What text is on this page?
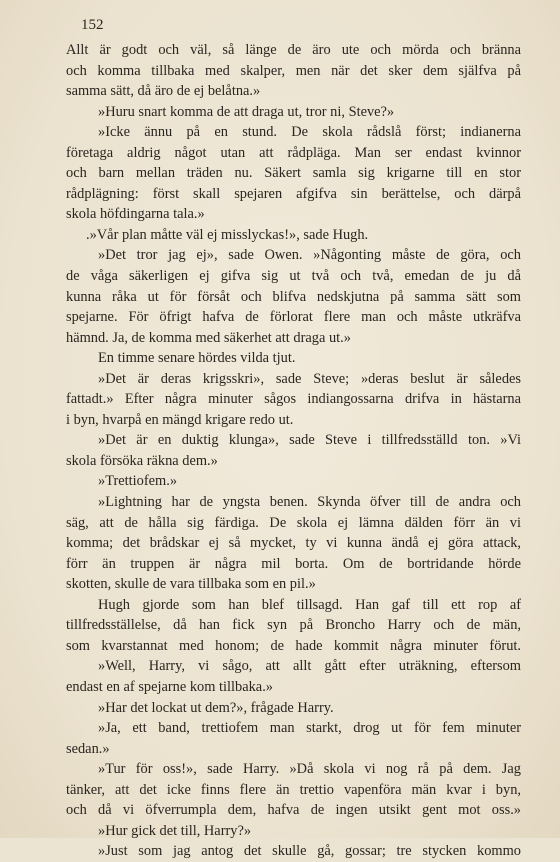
152
Allt är godt och väl, så länge de äro ute och mörda och bränna
och komma tillbaka med skalper, men när det sker dem själfva på
samma sätt, då äro de ej belåtna.»
»Huru snart komma de att draga ut, tror ni, Steve?»
»Icke ännu på en stund. De skola rådslå först; indianerna
företaga aldrig något utan att rådpläga. Man ser endast kvinnor
och barn mellan träden nu. Säkert samla sig krigarne till en stor
rådplägning: först skall spejaren afgifva sin berättelse, och därpå
skola höfdingarna tala.»
.»Vår plan måtte väl ej misslyckas!», sade Hugh.
»Det tror jag ej», sade Owen. »Någonting måste de göra, och
de våga säkerligen ej gifva sig ut två och två, emedan de ju då
kunna råka ut för försåt och blifva nedskjutna på samma sätt som
spejarne. För öfrigt hafva de förlorat flere man och måste utkräfva
hämnd. Ja, de komma med säkerhet att draga ut.»
En timme senare hördes vilda tjut.
»Det är deras krigsskri», sade Steve; »deras beslut är således
fattadt.» Efter några minuter sågos indiangossarna drifva in hästarna
i byn, hvarpå en mängd krigare redo ut.
»Det är en duktig klunga», sade Steve i tillfredsställd ton. »Vi
skola försöka räkna dem.»
»Trettiofem.»
»Lightning har de yngsta benen. Skynda öfver till de andra och
säg, att de hålla sig färdiga. De skola ej lämna dälden förr än vi
komma; det brådskar ej så mycket, ty vi kunna ändå ej göra attack,
förr än truppen är några mil borta. Om de bortridande hörde
skotten, skulle de vara tillbaka som en pil.»
Hugh gjorde som han blef tillsagd. Han gaf till ett rop af
tillfredsställelse, då han fick syn på Broncho Harry och de män,
som kvarstannat med honom; de hade kommit några minuter förut.
»Well, Harry, vi sågo, att allt gått efter uträkning, eftersom
endast en af spejarne kom tillbaka.»
»Har det lockat ut dem?», frågade Harry.
»Ja, ett band, trettiofem man starkt, drog ut för fem minuter
sedan.»
»Tur för oss!», sade Harry. »Då skola vi nog rå på dem. Jag
tänker, att det icke finns flere än trettio vapenföra män kvar i byn,
och då vi öfverrumpla dem, hafva de ingen utsikt gent mot oss.»
»Hur gick det till, Harry?»
»Just som jag antog det skulle gå, gossar; tre stycken kommo
